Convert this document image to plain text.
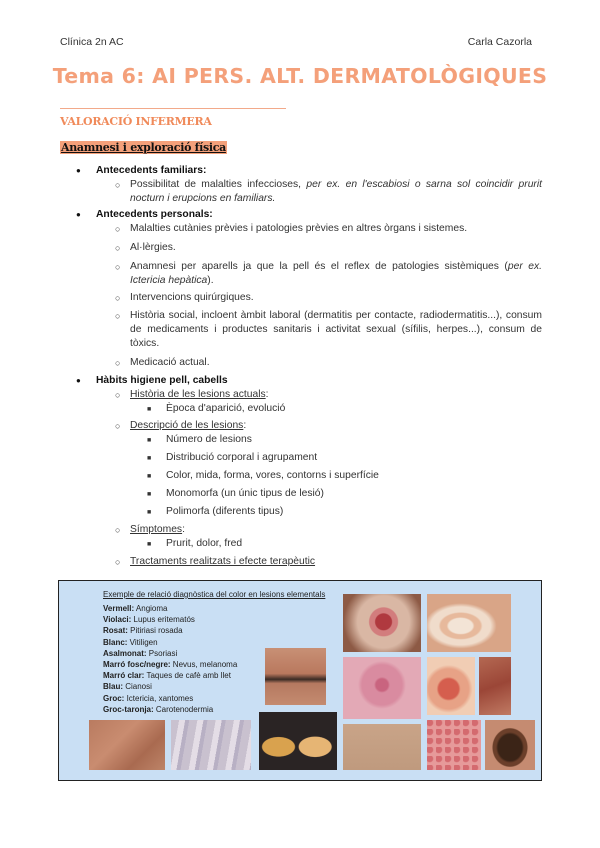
Clínica 2n AC	Carla Cazorla
Tema 6: AI PERS. ALT. DERMATOLÒGIQUES
VALORACIÓ INFERMERA
Anamnesi i exploració física
● Antecedents familiars:
○ Possibilitat de malalties infeccioses, per ex. en l'escabiosi o sarna sol coincidir prurit nocturn i erupcions en familiars.
● Antecedents personals:
○ Malalties cutànies prèvies i patologies prèvies en altres òrgans i sistemes.
○ Al·lèrgies.
○ Anamnesi per aparells ja que la pell és el reflex de patologies sistèmiques (per ex. Ictericia hepàtica).
○ Intervencions quirúrgiques.
○ Història social, incloent àmbit laboral (dermatitis per contacte, radiodermatitis...), consum de medicaments i productes sanitaris i activitat sexual (sífilis, herpes...), consum de tòxics.
○ Medicació actual.
● Hàbits higiene pell, cabells
○ Història de les lesions actuals:
■ Època d'aparició, evolució
○ Descripció de les lesions:
■ Número de lesions
■ Distribució corporal i agrupament
■ Color, mida, forma, vores, contorns i superfície
■ Monomorfa (un únic tipus de lesió)
■ Polimorfa (diferents tipus)
○ Símptomes:
■ Prurit, dolor, fred
○ Tractaments realitzats i efecte terapèutic
Exemple de relació diagnòstica del color en lesions elementals
Vermell: Angioma
Violaci: Lupus eritematós
Rosat: Pitiriasi rosada
Blanc: Vitiligen
Asalmonat: Psoriasi
Marró fosc/negre: Nevus, melanoma
Marró clar: Taques de cafè amb llet
Blau: Cianosi
Groc: Ictericia, xantomes
Groc-taronja: Carotenodermia
